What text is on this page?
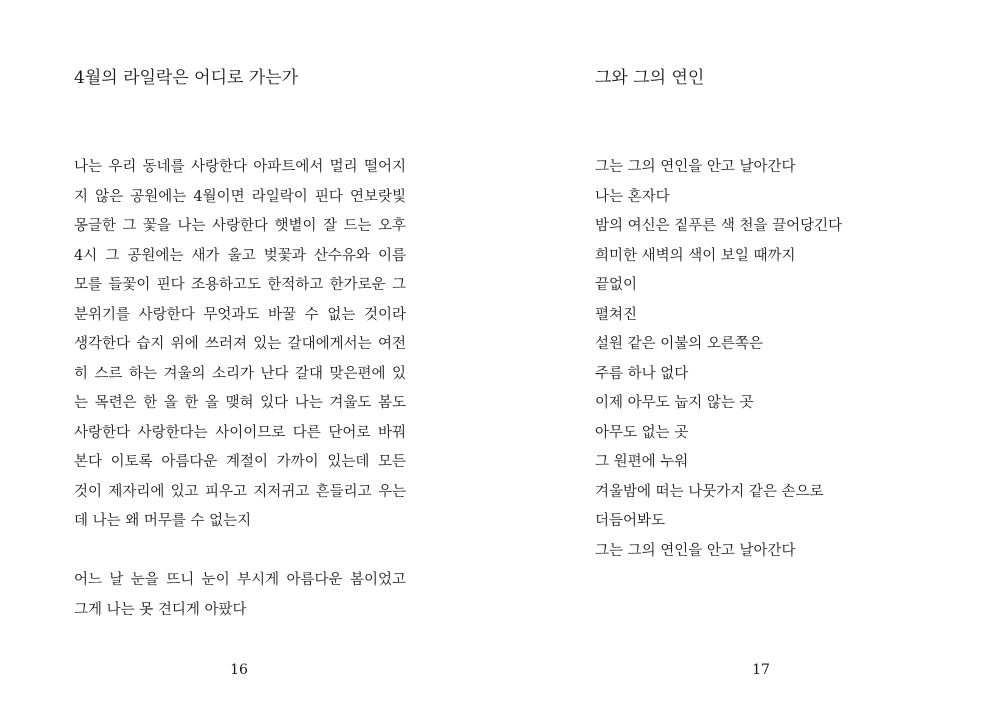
4월의 라일락은 어디로 가는가

나는 우리 동네를 사랑한다 아파트에서 멀리 떨어지
지 않은 공원에는 4월이면 라일락이 핀다 연보랏빛
몽글한 그 꽃을 나는 사랑한다 햇볕이 잘 드는 오후
4시 그 공원에는 새가 울고 벚꽃과 산수유와 이름
모를 들꽃이 핀다 조용하고도 한적하고 한가로운 그
분위기를 사랑한다 무엇과도 바꿀 수 없는 것이라
생각한다 습지 위에 쓰러져 있는 갈대에게서는 여전
히 스르 하는 겨울의 소리가 난다 갈대 맞은편에 있
는 목련은 한 올 한 올 맺혀 있다 나는 겨울도 봄도
사랑한다 사랑한다는 사이이므로 다른 단어로 바꿔
본다 이토록 아름다운 계절이 가까이 있는데 모든
것이 제자리에 있고 피우고 지저귀고 흔들리고 우는
데 나는 왜 머무를 수 없는지

어느 날 눈을 뜨니 눈이 부시게 아름다운 봄이었고
그게 나는 못 견디게 아팠다

16
그와 그의 연인
그는 그의 연인을 안고 날아간다
나는 혼자다
밤의 여신은 짙푸른 색 천을 끌어당긴다
희미한 새벽의 색이 보일 때까지
끝없이
펼쳐진
설원 같은 이불의 오른쪽은
주름 하나 없다
이제 아무도 눕지 않는 곳
아무도 없는 곳
그 원편에 누워
겨울밤에 떠는 나뭇가지 같은 손으로
더듬어봐도
그는 그의 연인을 안고 날아간다
17
